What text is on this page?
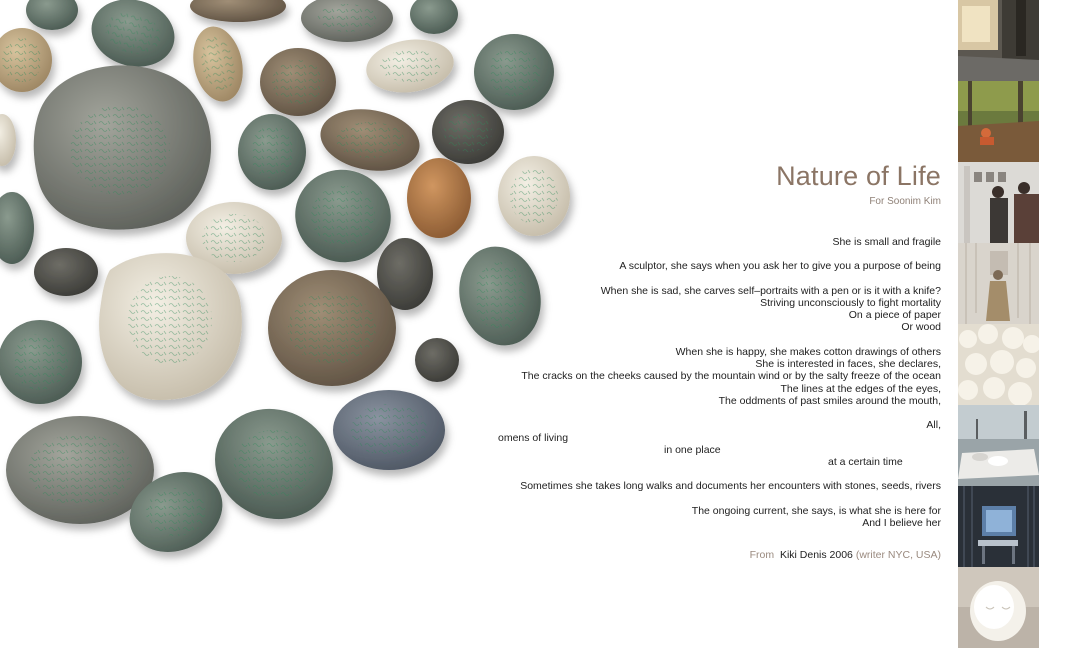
Nature of Life
For Soonim Kim
She is small and fragile
A sculptor, she says when you ask her to give you a purpose of being
When she is sad, she carves self–portraits with a pen or is it with a knife?
Striving unconsciously to fight mortality
On a piece of paper
Or wood
When she is happy, she makes cotton drawings of others
She is interested in faces, she declares,
The cracks on the cheeks caused by the mountain wind or by the salty freeze of the ocean
The lines at the edges of the eyes,
The oddments of past smiles around the mouth,
All,
omens of living
in one place
at a certain time
Sometimes she takes long walks and documents her encounters with stones, seeds, rivers
The ongoing current, she says, is what she is here for
And I believe her
From Kiki Denis 2006 (writer NYC, USA)
